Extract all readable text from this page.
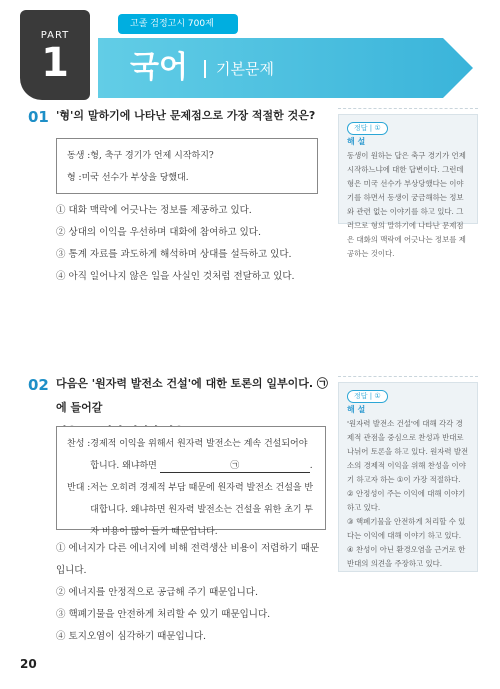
PART
1
고졸 검정고시 700제
국어 기본문제
01 '형'의 말하기에 나타난 문제점으로 가장 적절한 것은?
동생 : 형, 축구 경기가 언제 시작하지?
형 : 미국 선수가 부상을 당했대.
① 대화 맥락에 어긋나는 정보를 제공하고 있다.
② 상대의 이익을 우선하며 대화에 참여하고 있다.
③ 통계 자료를 과도하게 해석하며 상대를 설득하고 있다.
④ 아직 일어나지 않은 일을 사실인 것처럼 전달하고 있다.
정답 | ①
해 설
동생이 원하는 답은 축구 경기가 언제 시작하느냐에 대한 답변이다. 그런데 형은 미국 선수가 부상당했다는 이야기를 하면서 동생이 궁금해하는 정보와 관련 없는 이야기를 하고 있다. 그러므로 형의 말하기에 나타난 문제점은 대화의 맥락에 어긋나는 정보를 제공하는 것이다.
02 다음은 '원자력 발전소 건설'에 대한 토론의 일부이다. ㉠에 들어갈
찬성 : 경제적 이익을 위해서 원자력 발전소는 계속 건설되어야 합니다. 왜냐하면	㉠	.
반대 : 저는 오히려 경제적 부담 때문에 원자력 발전소 건설을 반대합니다. 왜냐하면 원자력 발전소는 건설을 위한 초기 투자 비용이 많이 들기 때문입니다.
① 에너지가 다른 에너지에 비해 전력생산 비용이 저렴하기 때문입니다.
② 에너지를 안정적으로 공급해 주기 때문입니다.
③ 핵폐기물을 안전하게 처리할 수 있기 때문입니다.
④ 토지오염이 심각하기 때문입니다.
정답 | ①
해 설
'원자력 발전소 건설'에 대해 각각 경제적 관점을 중심으로 찬성과 반대로 나뉘어 토론을 하고 있다. 원자력 발전소의 경제적 이익을 위해 찬성을 이야기 하고자 하는 ①이 가장 적절하다.
② 안정성이 주는 이익에 대해 이야기 하고 있다.
③ 핵폐기물을 안전하게 처리할 수 있다는 이익에 대해 이야기 하고 있다.
④ 찬성이 아닌 환경오염을 근거로 한 반대의 의견을 주장하고 있다.
20
